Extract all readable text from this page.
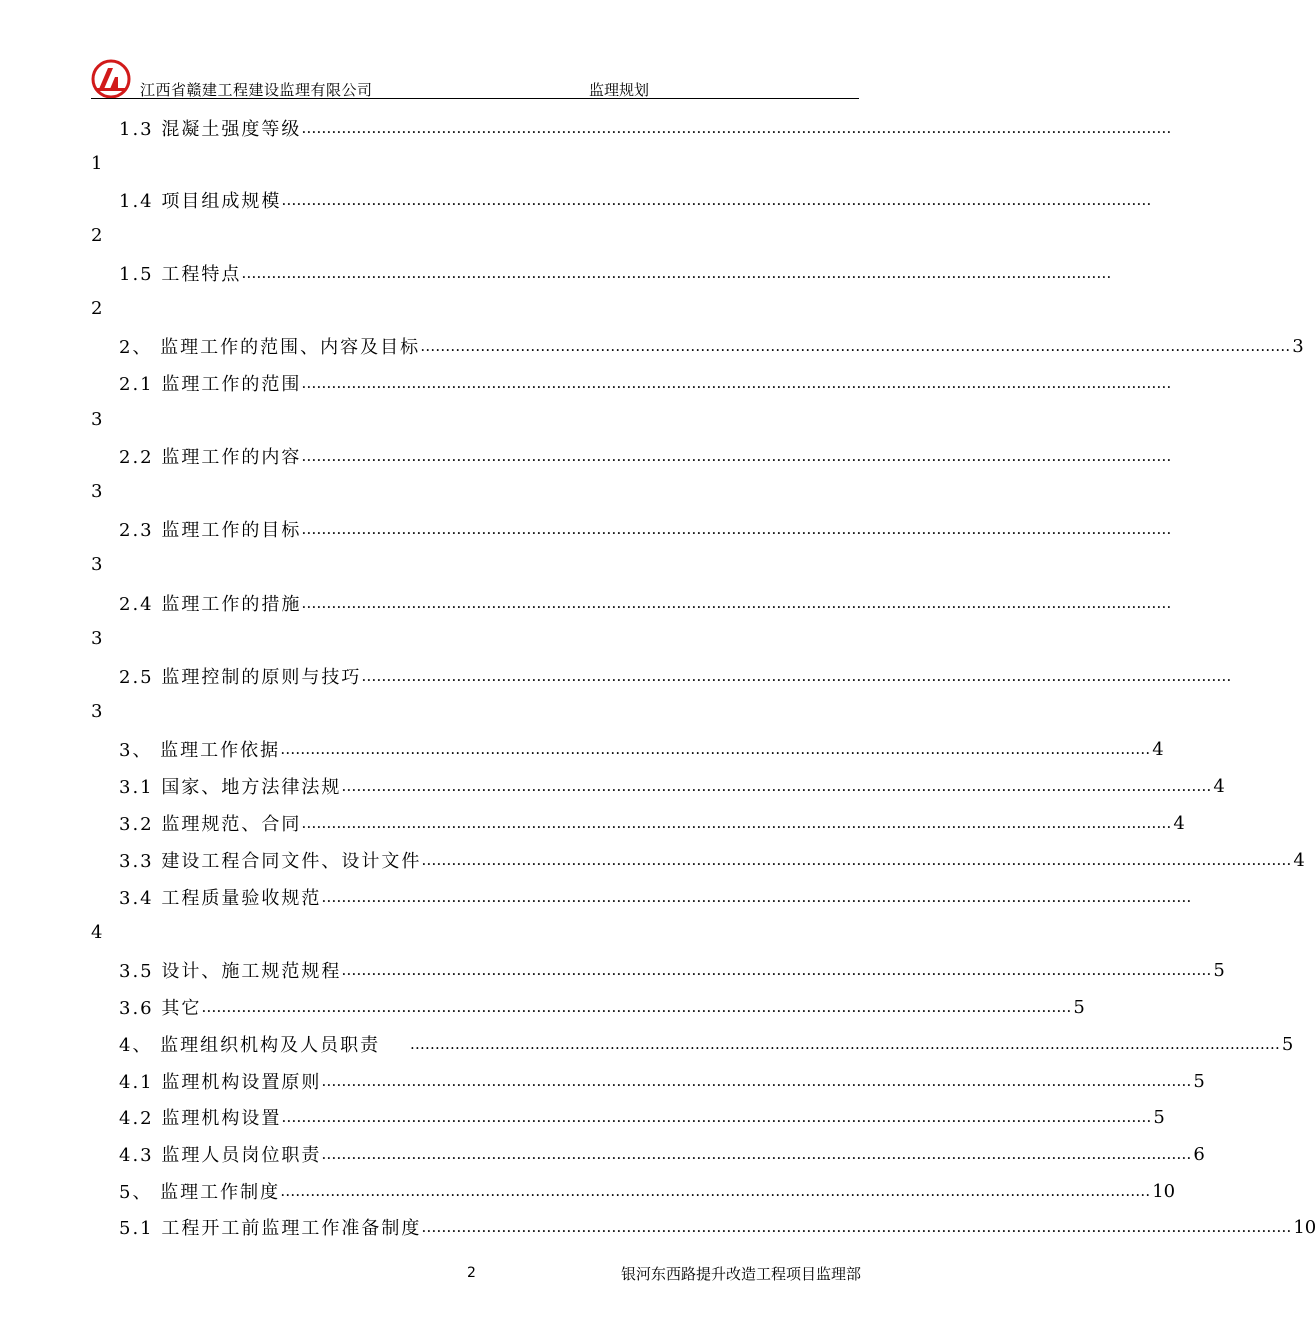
江西省赣建工程建设监理有限公司	监理规划
1.3 混凝土强度等级 …………………………………………………………………………………………………………………………………………………………
1
1.4 项目组成规模 …………………………………………………………………………………………………………………………………………………………
2
1.5 工程特点 …………………………………………………………………………………………………………………………………………………………
2
2、 监理工作的范围、内容及目标 ………………………………………………………………………………………………………………………………………………………… 3
2.1 监理工作的范围 …………………………………………………………………………………………………………………………………………………………
3
2.2 监理工作的内容 …………………………………………………………………………………………………………………………………………………………
3
2.3 监理工作的目标 …………………………………………………………………………………………………………………………………………………………
3
2.4 监理工作的措施 …………………………………………………………………………………………………………………………………………………………
3
2.5 监理控制的原则与技巧 …………………………………………………………………………………………………………………………………………………………
3
3、 监理工作依据 ………………………………………………………………………………………………………………………………………………………… 4
3.1 国家、地方法律法规 ………………………………………………………………………………………………………………………………………………………… 4
3.2 监理规范、合同 ………………………………………………………………………………………………………………………………………………………… 4
3.3 建设工程合同文件、设计文件 ………………………………………………………………………………………………………………………………………………………… 4
3.4 工程质量验收规范 …………………………………………………………………………………………………………………………………………………………
4
3.5 设计、施工规范规程 ………………………………………………………………………………………………………………………………………………………… 5
3.6 其它 ………………………………………………………………………………………………………………………………………………………… 5
4、 监理组织机构及人员职责	………………………………………………………………………………………………………………………………………………………… 5
4.1 监理机构设置原则 ………………………………………………………………………………………………………………………………………………………… 5
4.2 监理机构设置 ………………………………………………………………………………………………………………………………………………………… 5
4.3 监理人员岗位职责 ………………………………………………………………………………………………………………………………………………………… 6
5、 监理工作制度 ………………………………………………………………………………………………………………………………………………………… 10
5.1 工程开工前监理工作准备制度 ………………………………………………………………………………………………………………………………………………………… 10
2	银河东西路提升改造工程项目监理部
